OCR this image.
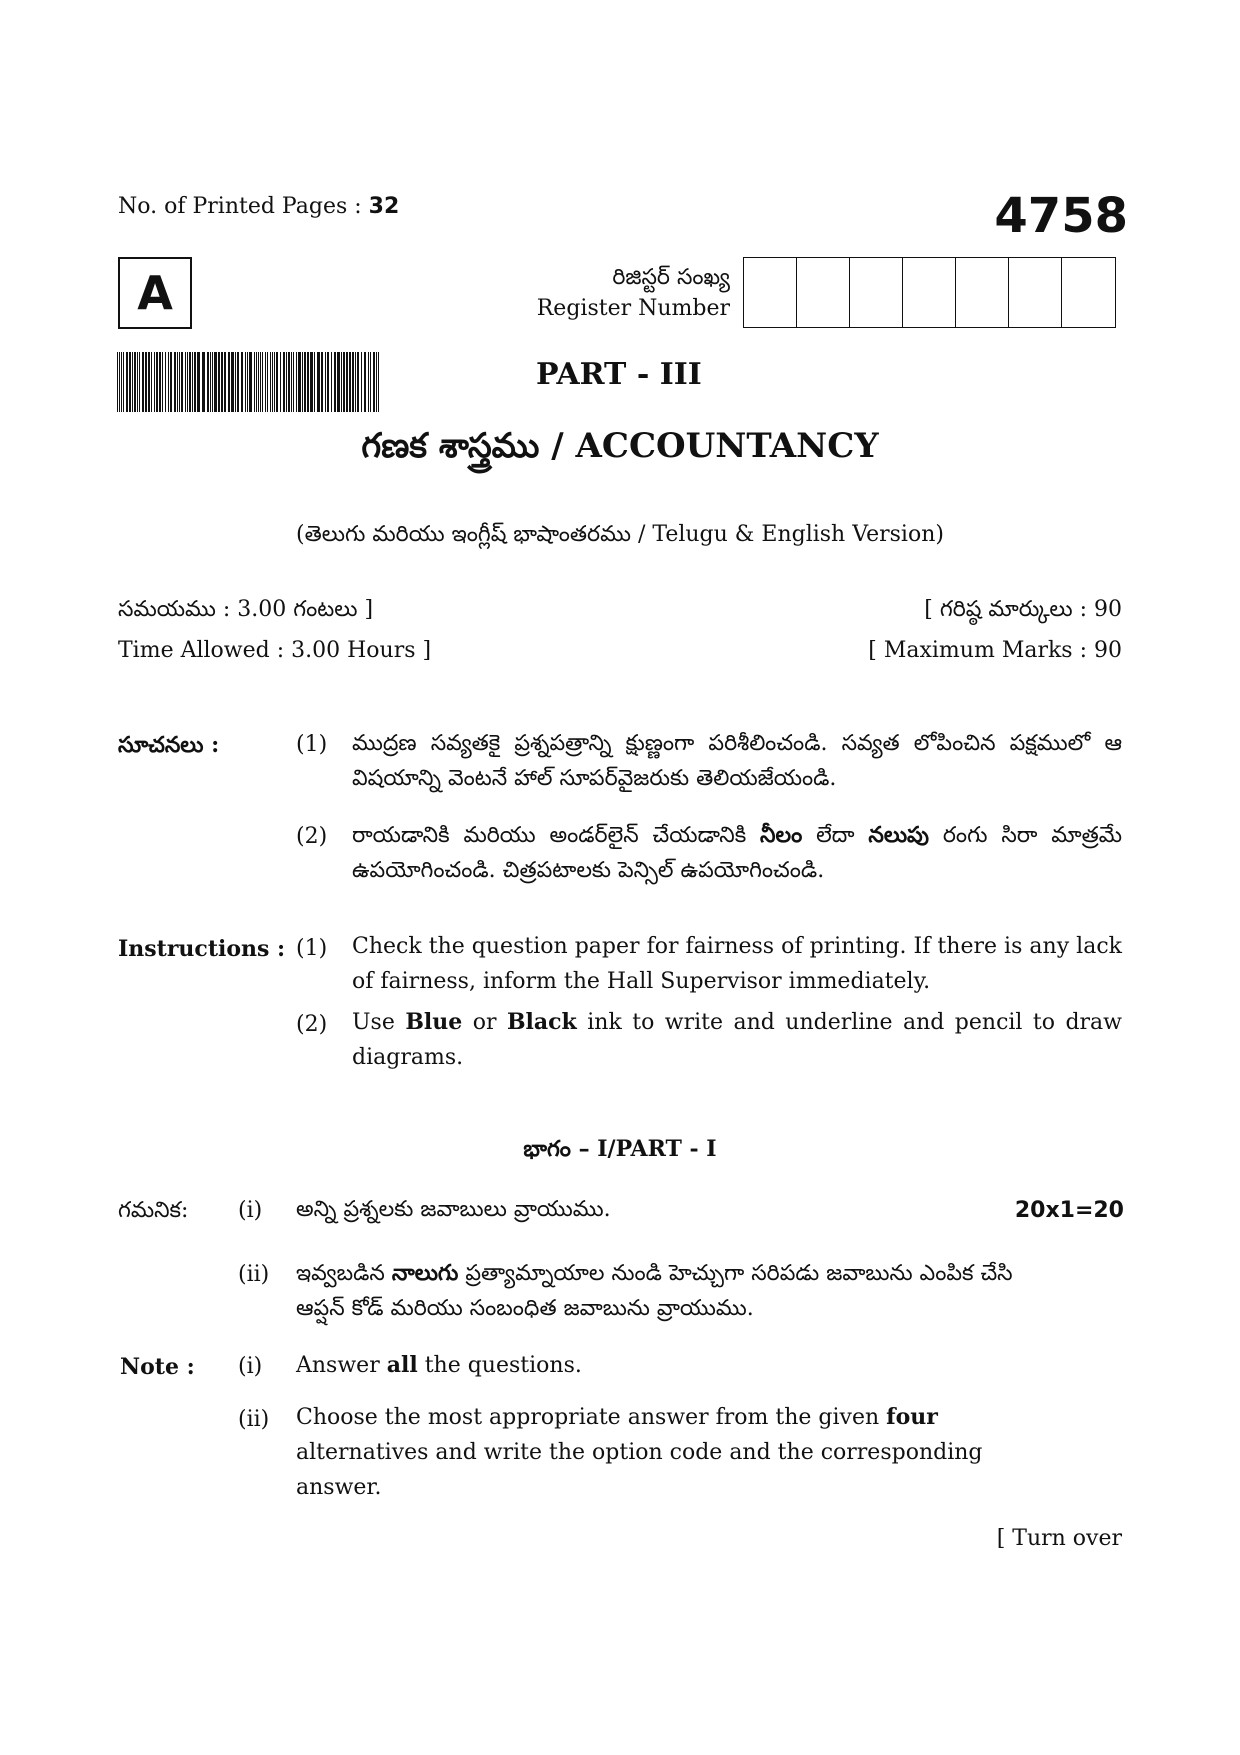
No. of Printed Pages : 32	4758
A	రిజిస్టర్ సంఖ్య
Register Number
PART - III
గణక శాస్త్రము / ACCOUNTANCY
(తెలుగు మరియు ఇంగ్లీష్ భాషాంతరము / Telugu & English Version)
సమయము : 3.00 గంటలు ]	[ గరిష్ఠ మార్కులు : 90
Time Allowed : 3.00 Hours ]	[ Maximum Marks : 90
సూచనలు :	(1) ముద్రణ సవ్యతకై ప్రశ్నపత్రాన్ని క్షుణ్ణంగా పరిశీలించండి. సవ్యత లోపించిన పక్షములో ఆ విషయాన్ని వెంటనే హాల్ సూపర్‌వైజరుకు తెలియజేయండి.
(2) రాయడానికి మరియు అండర్‌లైన్ చేయడానికి నీలం లేదా నలుపు రంగు సిరా మాత్రమే ఉపయోగించండి. చిత్రపటాలకు పెన్సిల్ ఉపయోగించండి.
Instructions : (1) Check the question paper for fairness of printing. If there is any lack of fairness, inform the Hall Supervisor immediately.
(2) Use Blue or Black ink to write and underline and pencil to draw diagrams.
భాగం – I/PART - I
గమనిక: (i) అన్ని ప్రశ్నలకు జవాబులు వ్రాయుము.	20x1=20
(ii) ఇవ్వబడిన నాలుగు ప్రత్యామ్నాయాల నుండి హెచ్చుగా సరిపడు జవాబును ఎంపిక చేసి ఆప్షన్ కోడ్ మరియు సంబంధిత జవాబును వ్రాయుము.
Note : (i) Answer all the questions.
(ii) Choose the most appropriate answer from the given four alternatives and write the option code and the corresponding answer.
[ Turn over
